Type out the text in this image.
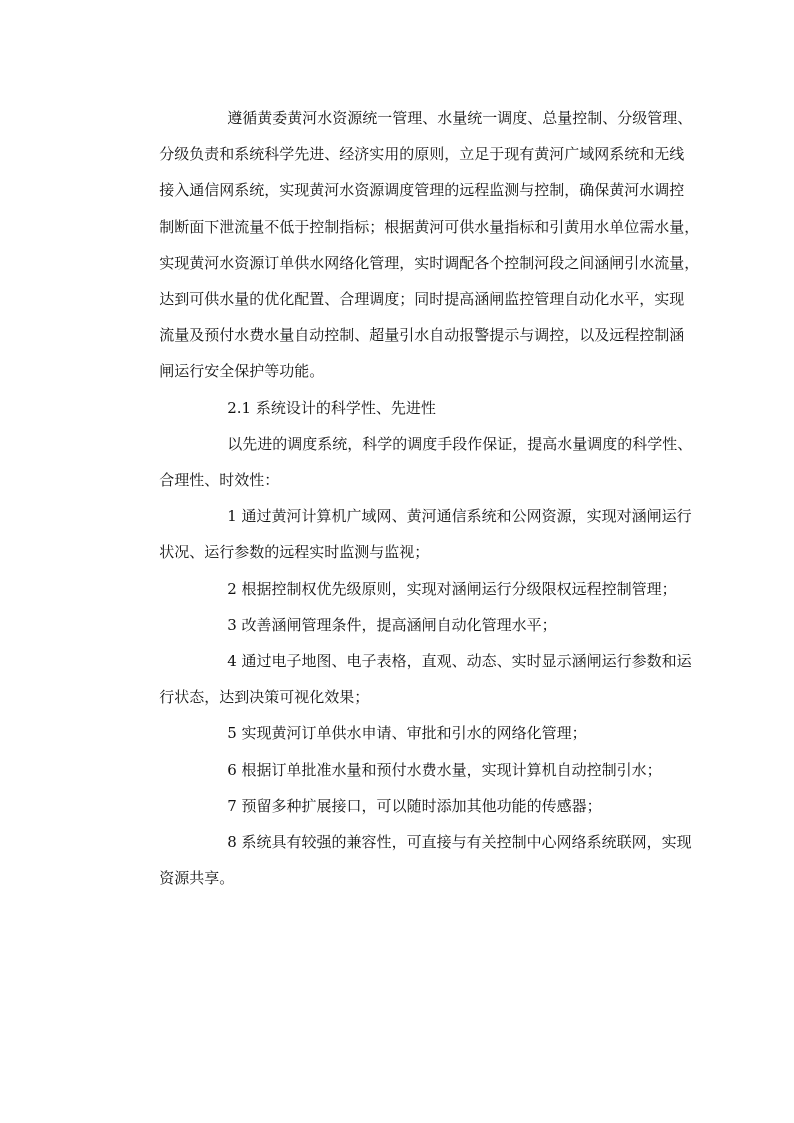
遵循黄委黄河水资源统一管理、水量统一调度、总量控制、分级管理、
分级负责和系统科学先进、经济实用的原则，立足于现有黄河广域网系统和无线
接入通信网系统，实现黄河水资源调度管理的远程监测与控制，确保黄河水调控
制断面下泄流量不低于控制指标；根据黄河可供水量指标和引黄用水单位需水量，
实现黄河水资源订单供水网络化管理，实时调配各个控制河段之间涵闸引水流量，
达到可供水量的优化配置、合理调度；同时提高涵闸监控管理自动化水平，实现
流量及预付水费水量自动控制、超量引水自动报警提示与调控，以及远程控制涵
闸运行安全保护等功能。

2.1 系统设计的科学性、先进性

以先进的调度系统，科学的调度手段作保证，提高水量调度的科学性、
合理性、时效性：

1 通过黄河计算机广域网、黄河通信系统和公网资源，实现对涵闸运行
状况、运行参数的远程实时监测与监视；

2 根据控制权优先级原则，实现对涵闸运行分级限权远程控制管理；

3 改善涵闸管理条件，提高涵闸自动化管理水平；

4 通过电子地图、电子表格，直观、动态、实时显示涵闸运行参数和运
行状态，达到决策可视化效果；

5 实现黄河订单供水申请、审批和引水的网络化管理；

6 根据订单批准水量和预付水费水量，实现计算机自动控制引水；

7 预留多种扩展接口，可以随时添加其他功能的传感器；

8 系统具有较强的兼容性，可直接与有关控制中心网络系统联网，实现
资源共享。
